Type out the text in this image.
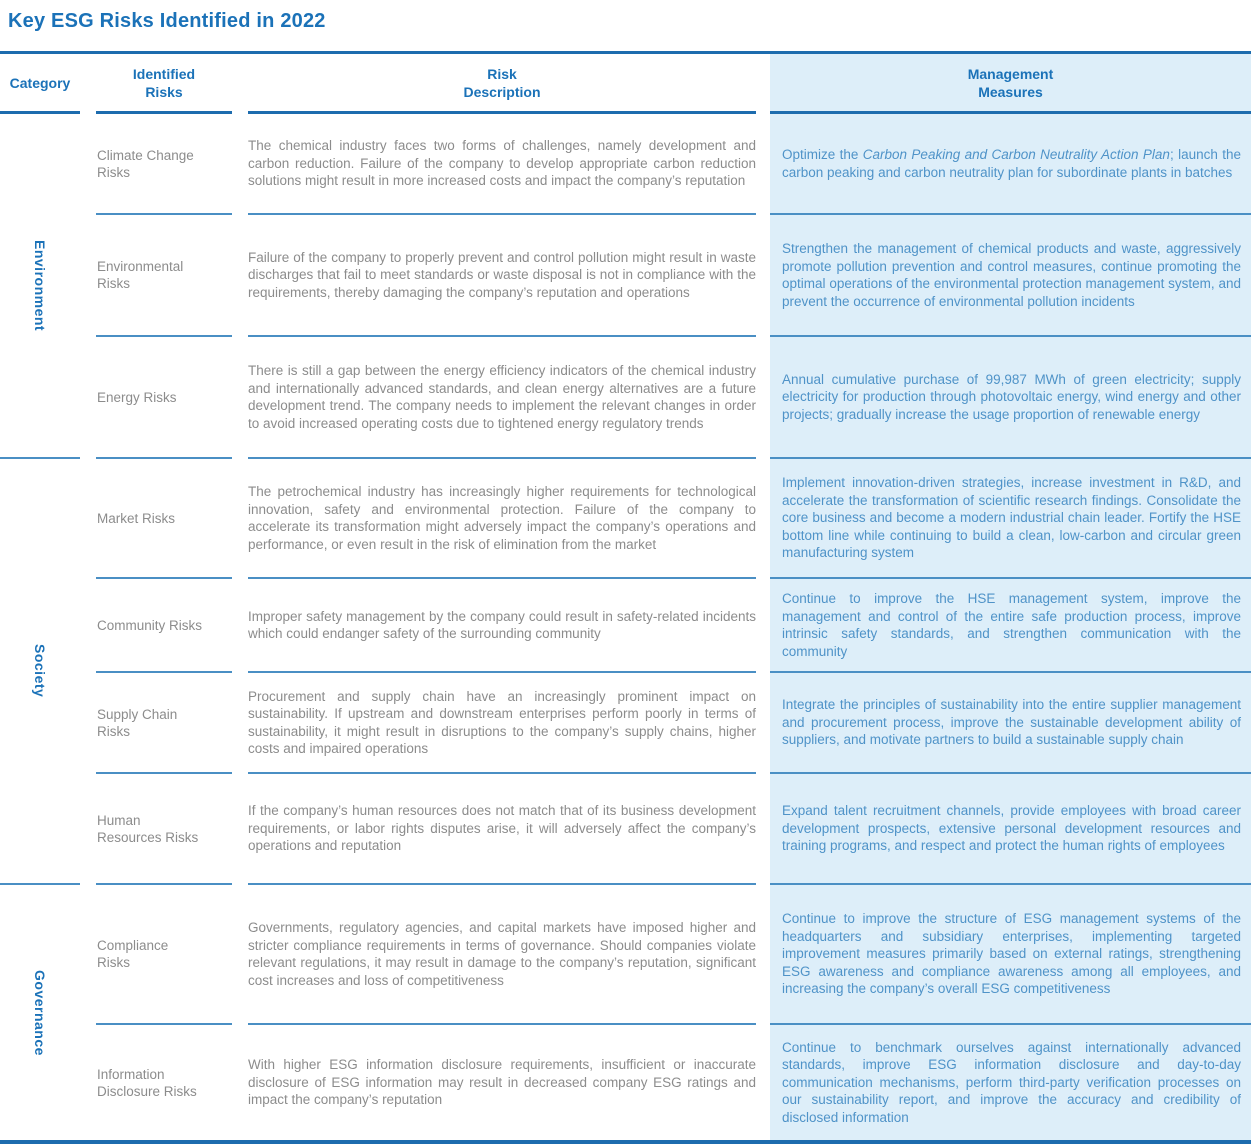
Key ESG Risks Identified in 2022
Category
Identified
Risks
Risk
Description
Management
Measures
Environment
Society
Governance

Climate Change Risks

The chemical industry faces two forms of challenges, namely development and carbon reduction. Failure of the company to develop appropriate carbon reduction solutions might result in more increased costs and impact the company’s reputation

Optimize the Carbon Peaking and Carbon Neutrality Action Plan; launch the carbon peaking and carbon neutrality plan for subordinate plants in batches

Environmental Risks

Failure of the company to properly prevent and control pollution might result in waste discharges that fail to meet standards or waste disposal is not in compliance with the requirements, thereby damaging the company’s reputation and operations

Strengthen the management of chemical products and waste, aggressively promote pollution prevention and control measures, continue promoting the optimal operations of the environmental protection management system, and prevent the occurrence of environmental pollution incidents

Energy Risks

There is still a gap between the energy efficiency indicators of the chemical industry and internationally advanced standards, and clean energy alternatives are a future development trend. The company needs to implement the relevant changes in order to avoid increased operating costs due to tightened energy regulatory trends

Annual cumulative purchase of 99,987 MWh of green electricity; supply electricity for production through photovoltaic energy, wind energy and other projects; gradually increase the usage proportion of renewable energy

Market Risks

The petrochemical industry has increasingly higher requirements for technological innovation, safety and environmental protection. Failure of the company to accelerate its transformation might adversely impact the company’s operations and performance, or even result in the risk of elimination from the market

Implement innovation-driven strategies, increase investment in R&D, and accelerate the transformation of scientific research findings. Consolidate the core business and become a modern industrial chain leader. Fortify the HSE bottom line while continuing to build a clean, low-carbon and circular green manufacturing system

Community Risks

Improper safety management by the company could result in safety-related incidents which could endanger safety of the surrounding community

Continue to improve the HSE management system, improve the management and control of the entire safe production process, improve intrinsic safety standards, and strengthen communication with the community

Supply Chain Risks

Procurement and supply chain have an increasingly prominent impact on sustainability. If upstream and downstream enterprises perform poorly in terms of sustainability, it might result in disruptions to the company’s supply chains, higher costs and impaired operations

Integrate the principles of sustainability into the entire supplier management and procurement process, improve the sustainable development ability of suppliers, and motivate partners to build a sustainable supply chain

Human Resources Risks

If the company’s human resources does not match that of its business development requirements, or labor rights disputes arise, it will adversely affect the company’s operations and reputation

Expand talent recruitment channels, provide employees with broad career development prospects, extensive personal development resources and training programs, and respect and protect the human rights of employees

Compliance Risks

Governments, regulatory agencies, and capital markets have imposed higher and stricter compliance requirements in terms of governance. Should companies violate relevant regulations, it may result in damage to the company’s reputation, significant cost increases and loss of competitiveness

Continue to improve the structure of ESG management systems of the headquarters and subsidiary enterprises, implementing targeted improvement measures primarily based on external ratings, strengthening ESG awareness and compliance awareness among all employees, and increasing the company’s overall ESG competitiveness

Information Disclosure Risks

With higher ESG information disclosure requirements, insufficient or inaccurate disclosure of ESG information may result in decreased company ESG ratings and impact the company’s reputation

Continue to benchmark ourselves against internationally advanced standards, improve ESG information disclosure and day-to-day communication mechanisms, perform third-party verification processes on our sustainability report, and improve the accuracy and credibility of disclosed information
